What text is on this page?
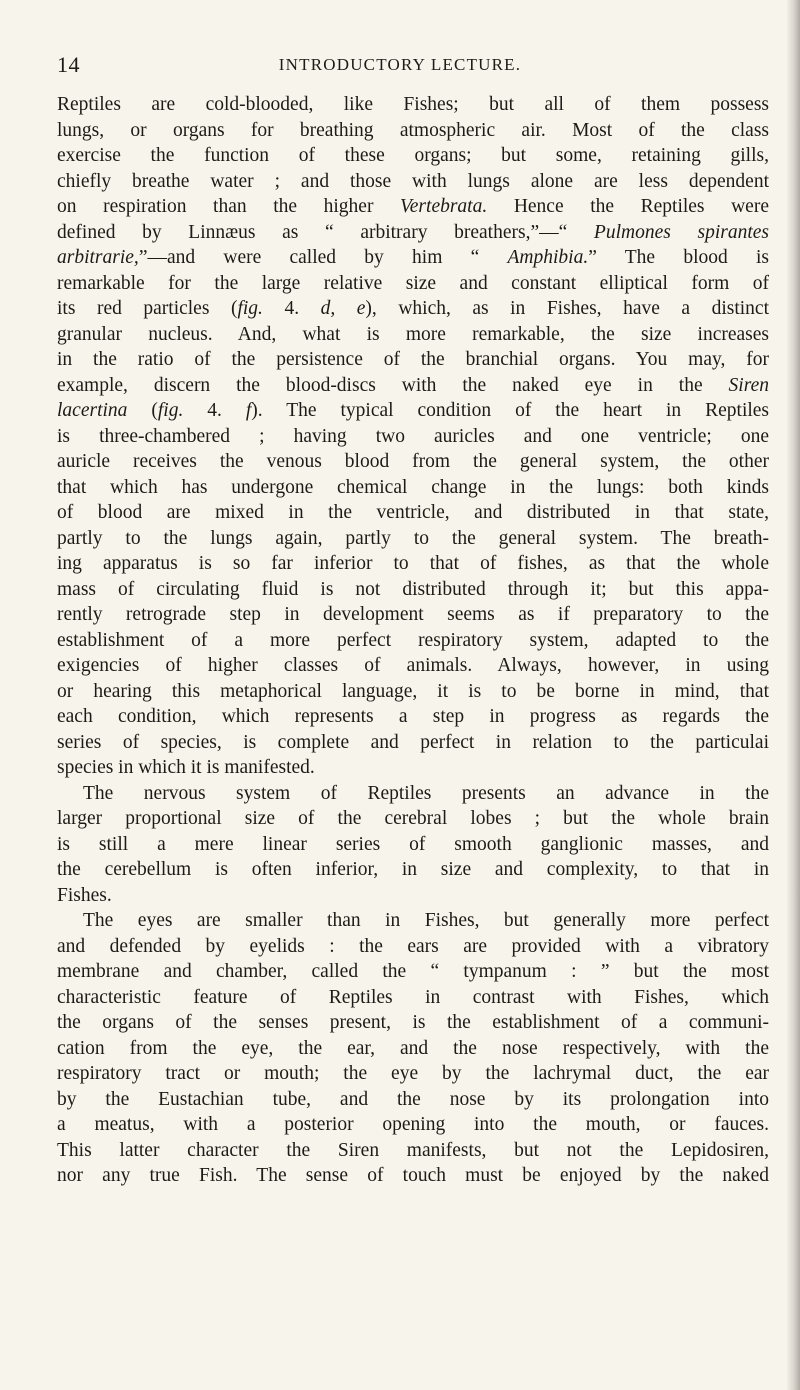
14	INTRODUCTORY LECTURE.
Reptiles are cold-blooded, like Fishes; but all of them possess
lungs, or organs for breathing atmospheric air. Most of the class
exercise the function of these organs; but some, retaining gills,
chiefly breathe water ; and those with lungs alone are less dependent
on respiration than the higher Vertebrata. Hence the Reptiles were
defined by Linnæus as “ arbitrary breathers,”—“ Pulmones spirantes
arbitrarie,”—and were called by him “ Amphibia.” The blood is
remarkable for the large relative size and constant elliptical form of
its red particles (fig. 4. d, e), which, as in Fishes, have a distinct
granular nucleus. And, what is more remarkable, the size increases
in the ratio of the persistence of the branchial organs. You may, for
example, discern the blood-discs with the naked eye in the Siren
lacertina (fig. 4. f). The typical condition of the heart in Reptiles
is three-chambered ; having two auricles and one ventricle; one
auricle receives the venous blood from the general system, the other
that which has undergone chemical change in the lungs: both kinds
of blood are mixed in the ventricle, and distributed in that state,
partly to the lungs again, partly to the general system. The breath-
ing apparatus is so far inferior to that of fishes, as that the whole
mass of circulating fluid is not distributed through it; but this appa-
rently retrograde step in development seems as if preparatory to the
establishment of a more perfect respiratory system, adapted to the
exigencies of higher classes of animals. Always, however, in using
or hearing this metaphorical language, it is to be borne in mind, that
each condition, which represents a step in progress as regards the
series of species, is complete and perfect in relation to the particulai
species in which it is manifested.
The nervous system of Reptiles presents an advance in the
larger proportional size of the cerebral lobes ; but the whole brain
is still a mere linear series of smooth ganglionic masses, and
the cerebellum is often inferior, in size and complexity, to that in
Fishes.
The eyes are smaller than in Fishes, but generally more perfect
and defended by eyelids : the ears are provided with a vibratory
membrane and chamber, called the “ tympanum : ” but the most
characteristic feature of Reptiles in contrast with Fishes, which
the organs of the senses present, is the establishment of a communi-
cation from the eye, the ear, and the nose respectively, with the
respiratory tract or mouth; the eye by the lachrymal duct, the ear
by the Eustachian tube, and the nose by its prolongation into
a meatus, with a posterior opening into the mouth, or fauces.
This latter character the Siren manifests, but not the Lepidosiren,
nor any true Fish. The sense of touch must be enjoyed by the naked
